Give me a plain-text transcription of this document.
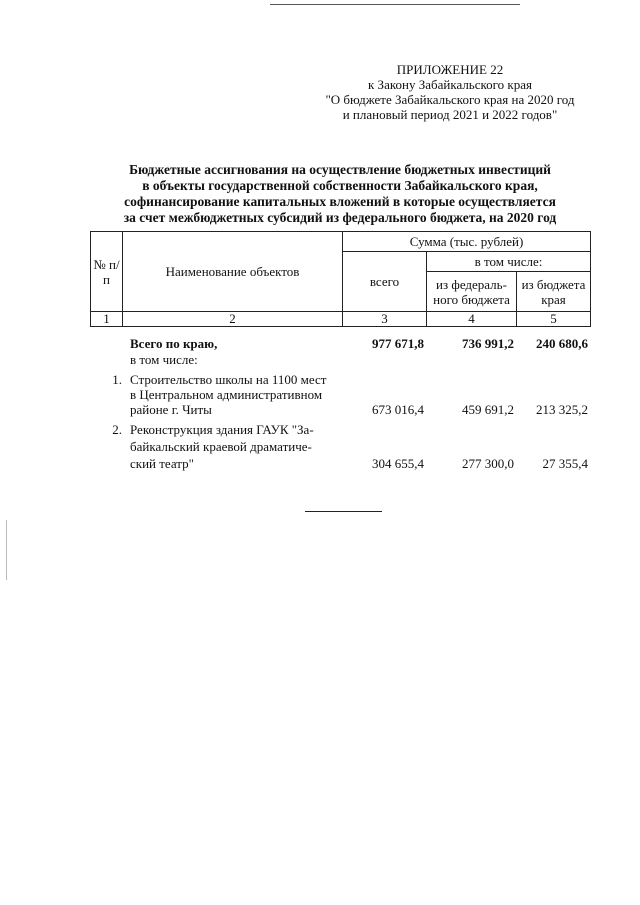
ПРИЛОЖЕНИЕ 22
к Закону Забайкальского края
"О бюджете Забайкальского края на 2020 год
и плановый период 2021 и 2022 годов"
Бюджетные ассигнования на осуществление бюджетных инвестиций
в объекты государственной собственности Забайкальского края,
софинансирование капитальных вложений в которые осуществляется
за счет межбюджетных субсидий из федерального бюджета, на 2020 год
№ п/п	Наименование объектов	Сумма (тыс. рублей)		
		всего	в том числе:	
			из федераль-ного бюджета	из бюджета края
1	2	3	4	5
Всего по краю,	977 671,8	736 991,2	240 680,6
в том числе:
1. Строительство школы на 1100 мест
в Центральном административном
районе г. Читы	673 016,4	459 691,2	213 325,2
2. Реконструкция здания ГАУК "За-
байкальский краевой драматиче-
ский театр"	304 655,4	277 300,0	27 355,4
